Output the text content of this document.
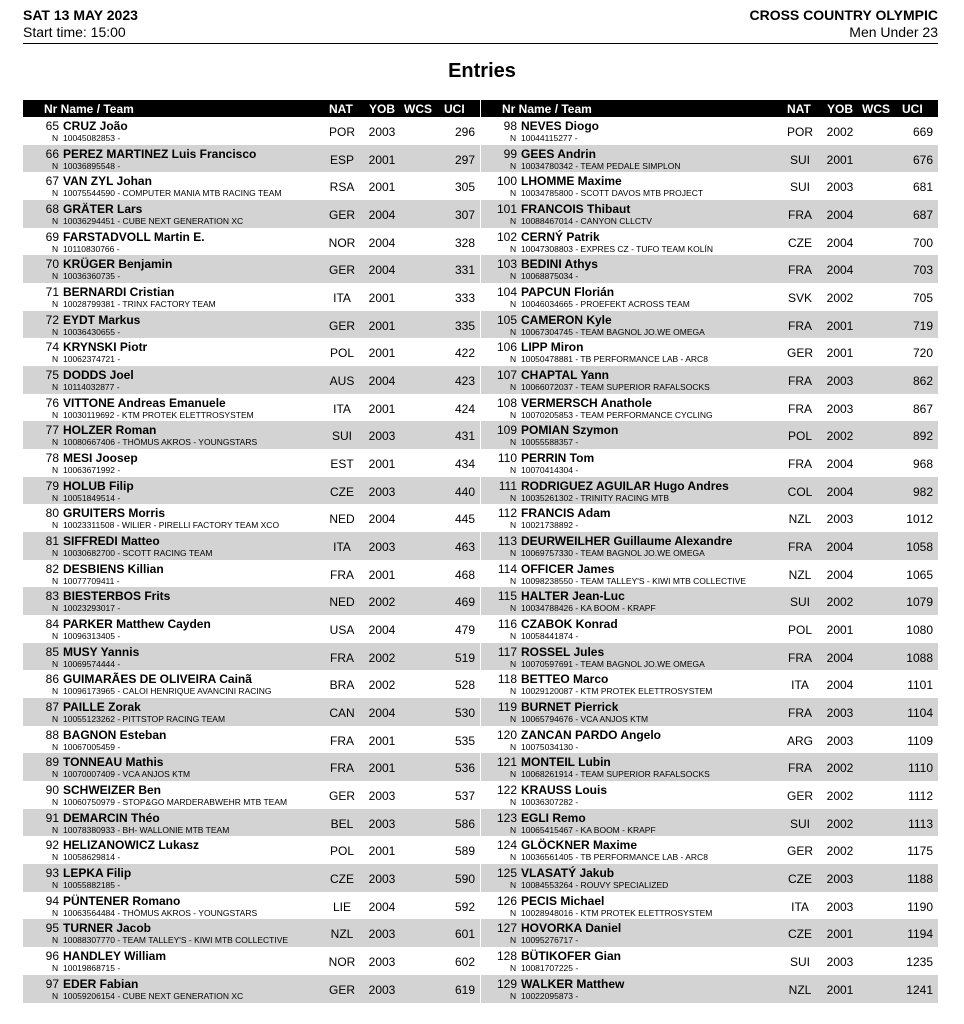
SAT 13 MAY 2023
Start time: 15:00
CROSS COUNTRY OLYMPIC
Men Under 23
Entries
Nr Name / Team	NAT YOB WCS UCI
65 CRUZ João
N 10045082853 -	POR	2003	296
66 PEREZ MARTINEZ Luis Francisco
N 10036895548 -	ESP	2001	297
67 VAN ZYL Johan
N 10075544590 - COMPUTER MANIA MTB RACING TEAM	RSA	2001	305
68 GRÄTER Lars
N 10036294451 - CUBE NEXT GENERATION XC	GER	2004	307
69 FARSTADVOLL Martin E.
N 10110830766 -	NOR	2004	328
70 KRÜGER Benjamin
N 10036360735 -	GER	2004	331
71 BERNARDI Cristian
N 10028799381 - TRINX FACTORY TEAM	ITA	2001	333
72 EYDT Markus
N 10036430655 -	GER	2001	335
74 KRYNSKI Piotr
N 10062374721 -	POL	2001	422
75 DODDS Joel
N 10114032877 -	AUS	2004	423
76 VITTONE Andreas Emanuele
N 10030119692 - KTM PROTEK ELETTROSYSTEM	ITA	2001	424
77 HOLZER Roman
N 10080667406 - THÖMUS AKROS - YOUNGSTARS	SUI	2003	431
78 MESI Joosep
N 10063671992 -	EST	2001	434
79 HOLUB Filip
N 10051849514 -	CZE	2003	440
80 GRUITERS Morris
N 10023311508 - WILIER - PIRELLI FACTORY TEAM XCO	NED	2004	445
81 SIFFREDI Matteo
N 10030682700 - SCOTT RACING TEAM	ITA	2003	463
82 DESBIENS Killian
N 10077709411 -	FRA	2001	468
83 BIESTERBOS Frits
N 10023293017 -	NED	2002	469
84 PARKER Matthew Cayden
N 10096313405 -	USA	2004	479
85 MUSY Yannis
N 10069574444 -	FRA	2002	519
86 GUIMARÃES DE OLIVEIRA Cainã
N 10096173965 - CALOI HENRIQUE AVANCINI RACING	BRA	2002	528
87 PAILLE Zorak
N 10055123262 - PITTSTOP RACING TEAM	CAN	2004	530
88 BAGNON Esteban
N 10067005459 -	FRA	2001	535
89 TONNEAU Mathis
N 10070007409 - VCA ANJOS KTM	FRA	2001	536
90 SCHWEIZER Ben
N 10060750979 - STOP&GO MARDERABWEHR MTB TEAM	GER	2003	537
91 DEMARCIN Théo
N 10078380933 - BH- WALLONIE MTB TEAM	BEL	2003	586
92 HELIZANOWICZ Lukasz
N 10058629814 -	POL	2001	589
93 LEPKA Filip
N 10055882185 -	CZE	2003	590
94 PÜNTENER Romano
N 10063564484 - THÖMUS AKROS - YOUNGSTARS	LIE	2004	592
95 TURNER Jacob
N 10088307770 - TEAM TALLEY'S - KIWI MTB COLLECTIVE	NZL	2003	601
96 HANDLEY William
N 10019868715 -	NOR	2003	602
97 EDER Fabian
N 10059206154 - CUBE NEXT GENERATION XC	GER	2003	619
Nr Name / Team	NAT YOB WCS UCI
98 NEVES Diogo
N 10044115277 -	POR	2002	669
99 GEES Andrin
N 10034780342 - TEAM PEDALE SIMPLON	SUI	2001	676
100 LHOMME Maxime
N 10034785800 - SCOTT DAVOS MTB PROJECT	SUI	2003	681
101 FRANCOIS Thibaut
N 10088467014 - CANYON CLLCTV	FRA	2004	687
102 CERNÝ Patrik
N 10047308803 - EXPRES CZ - TUFO TEAM KOLÍN	CZE	2004	700
103 BEDINI Athys
N 10068875034 -	FRA	2004	703
104 PAPCUN Florián
N 10046034665 - PROEFEKT ACROSS TEAM	SVK	2002	705
105 CAMERON Kyle
N 10067304745 - TEAM BAGNOL JO.WE OMEGA	FRA	2001	719
106 LIPP Miron
N 10050478881 - TB PERFORMANCE LAB - ARC8	GER	2001	720
107 CHAPTAL Yann
N 10066072037 - TEAM SUPERIOR RAFALSOCKS	FRA	2003	862
108 VERMERSCH Anathole
N 10070205853 - TEAM PERFORMANCE CYCLING	FRA	2003	867
109 POMIAN Szymon
N 10055588357 -	POL	2002	892
110 PERRIN Tom
N 10070414304 -	FRA	2004	968
111 RODRIGUEZ AGUILAR Hugo Andres
N 10035261302 - TRINITY RACING MTB	COL	2004	982
112 FRANCIS Adam
N 10021738892 -	NZL	2003	1012
113 DEURWEILHER Guillaume Alexandre
N 10069757330 - TEAM BAGNOL JO.WE OMEGA	FRA	2004	1058
114 OFFICER James
N 10098238550 - TEAM TALLEY'S - KIWI MTB COLLECTIVE	NZL	2004	1065
115 HALTER Jean-Luc
N 10034788426 - KA BOOM - KRAPF	SUI	2002	1079
116 CZABOK Konrad
N 10058441874 -	POL	2001	1080
117 ROSSEL Jules
N 10070597691 - TEAM BAGNOL JO.WE OMEGA	FRA	2004	1088
118 BETTEO Marco
N 10029120087 - KTM PROTEK ELETTROSYSTEM	ITA	2004	1101
119 BURNET Pierrick
N 10065794676 - VCA ANJOS KTM	FRA	2003	1104
120 ZANCAN PARDO Angelo
N 10075034130 -	ARG	2003	1109
121 MONTEIL Lubin
N 10068261914 - TEAM SUPERIOR RAFALSOCKS	FRA	2002	1110
122 KRAUSS Louis
N 10036307282 -	GER	2002	1112
123 EGLI Remo
N 10065415467 - KA BOOM - KRAPF	SUI	2002	1113
124 GLÖCKNER Maxime
N 10036561405 - TB PERFORMANCE LAB - ARC8	GER	2002	1175
125 VLASATÝ Jakub
N 10084553264 - ROUVY SPECIALIZED	CZE	2003	1188
126 PECIS Michael
N 10028948016 - KTM PROTEK ELETTROSYSTEM	ITA	2003	1190
127 HOVORKA Daniel
N 10095276717 -	CZE	2001	1194
128 BÜTIKOFER Gian
N 10081707225 -	SUI	2003	1235
129 WALKER Matthew
N 10022095873 -	NZL	2001	1241
